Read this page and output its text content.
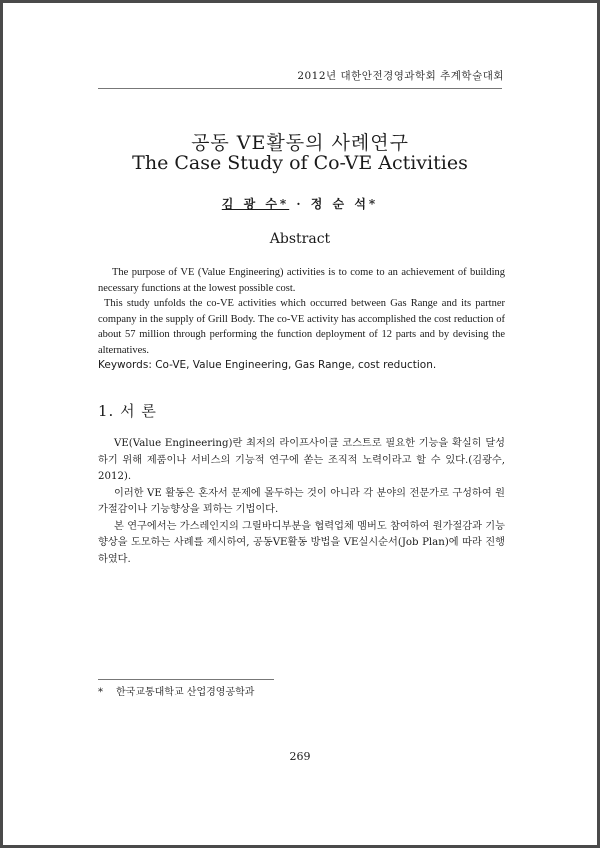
2012년 대한안전경영과학회 추계학술대회
공동 VE활동의 사례연구
The Case Study of Co-VE Activities
김 광 수* · 정 순 석*
Abstract

The purpose of VE (Value Engineering) activities is to come to an achievement of building necessary functions at the lowest possible cost.

This study unfolds the co-VE activities which occurred between Gas Range and its partner company in the supply of Grill Body. The co-VE activity has accomplished the cost reduction of about 57 million through performing the function deployment of 12 parts and by devising the alternatives.

Keywords: Co-VE, Value Engineering, Gas Range, cost reduction.

1. 서 론

VE(Value Engineering)란 최저의 라이프사이클 코스트로 필요한 기능을 확실히 달성하기 위해 제품이나 서비스의 기능적 연구에 쏟는 조직적 노력이라고 할 수 있다.(김광수, 2012).

이러한 VE 활동은 혼자서 문제에 몰두하는 것이 아니라 각 분야의 전문가로 구성하여 원가절감이나 기능향상을 꾀하는 기법이다.

본 연구에서는 가스레인지의 그릴바디부분을 협력업체 멤버도 참여하여 원가절감과 기능향상을 도모하는 사례를 제시하여, 공동VE활동 방법을 VE실시순서(Job Plan)에 따라 진행 하였다.

* 한국교통대학교 산업경영공학과
269
